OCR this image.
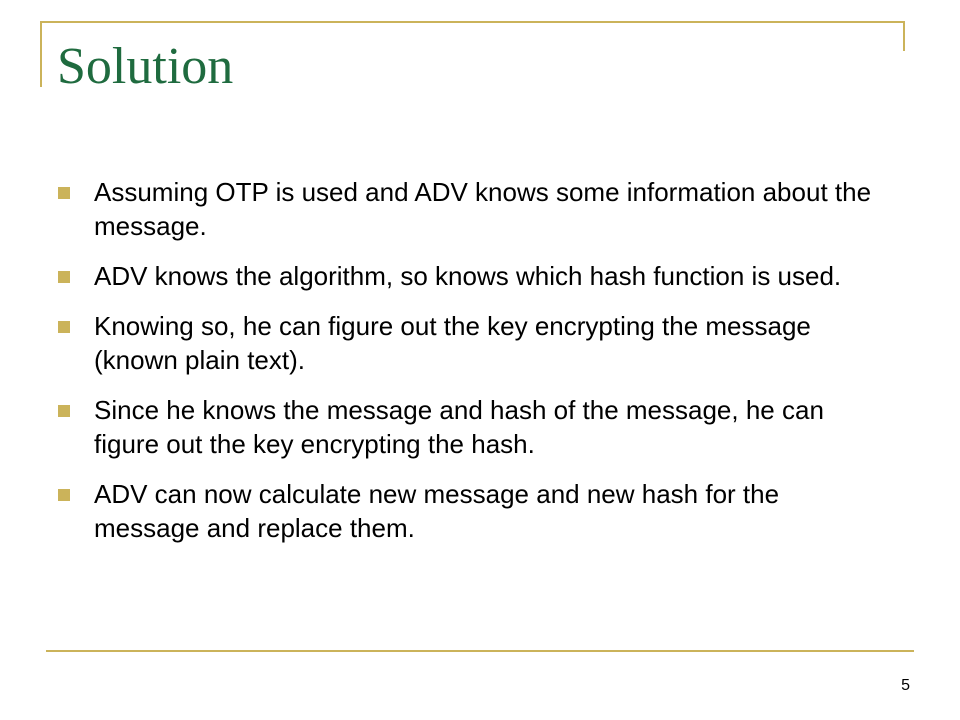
Solution
Assuming OTP is used and ADV knows some information about the message.
ADV knows the algorithm, so knows which hash function is used.
Knowing so, he can figure out the key encrypting the message (known plain text).
Since he knows the message and hash of the message, he can figure out the key encrypting the hash.
ADV can now calculate new message and new hash for the message and replace them.
5
